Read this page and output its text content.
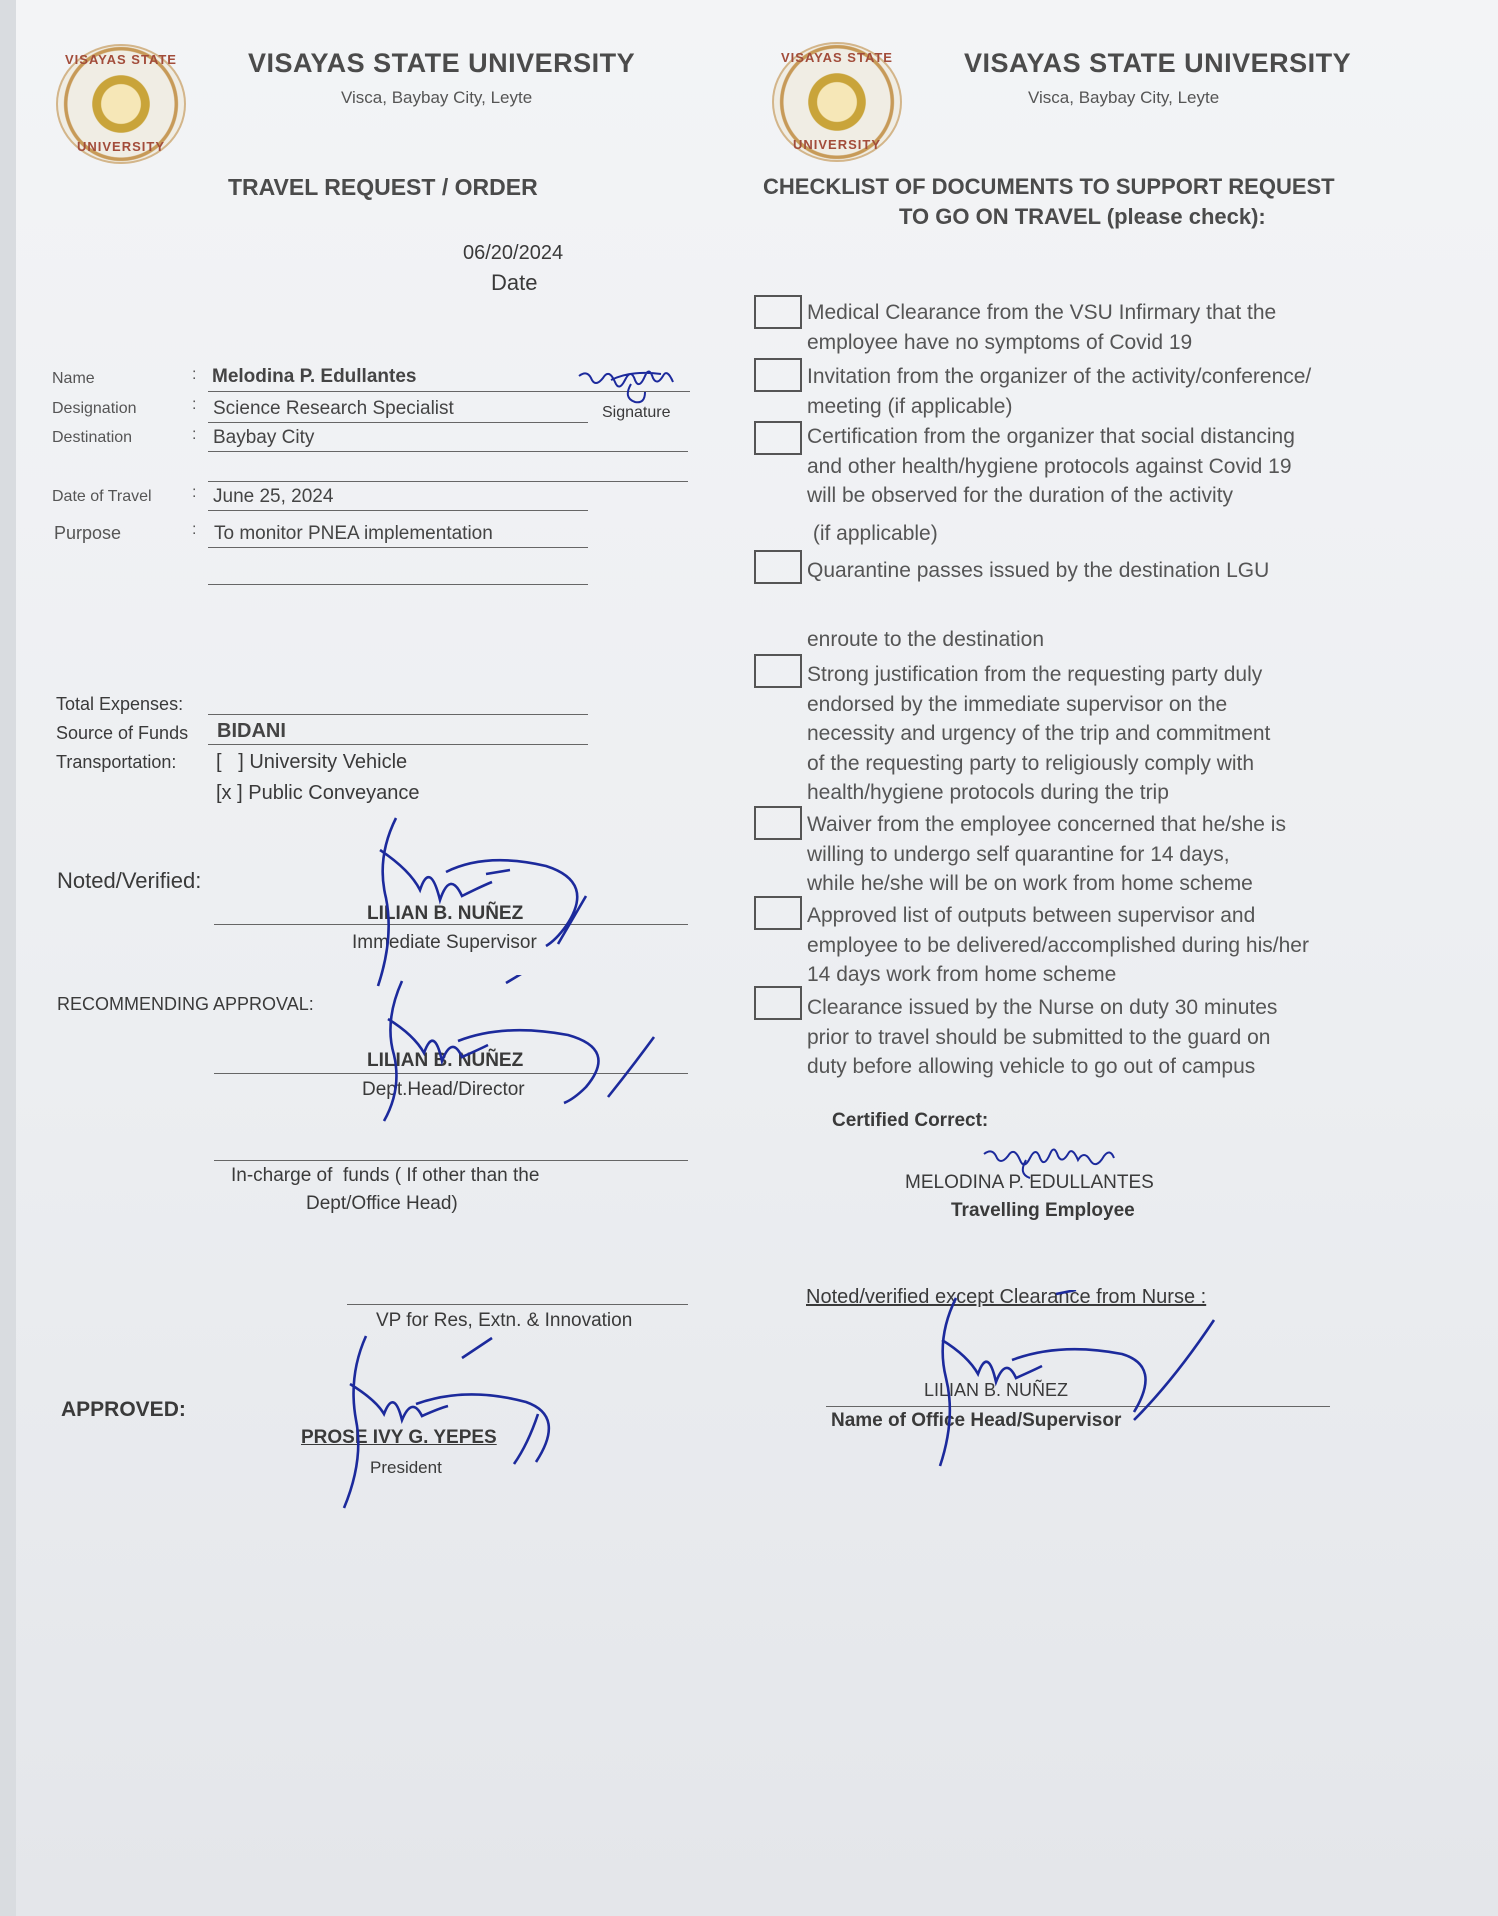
VISAYAS STATE
UNIVERSITY
VISAYAS STATE UNIVERSITY
Visca, Baybay City, Leyte
VISAYAS STATE
UNIVERSITY
VISAYAS STATE UNIVERSITY
Visca, Baybay City, Leyte
TRAVEL REQUEST / ORDER
06/20/2024
Date
Name	: Melodina P. Edullantes
Signature
Designation	: Science Research Specialist
Destination	: Baybay City
Date of Travel	: June 25, 2024
Purpose	: To monitor PNEA implementation
Total Expenses:
Source of Funds BIDANI
Transportation: [   ] University Vehicle
[x ] Public Conveyance
Noted/Verified:
LILIAN B. NUÑEZ
Immediate Supervisor
RECOMMENDING APPROVAL:
LILIAN B. NUÑEZ
Dept.Head/Director
In-charge of  funds ( If other than the
Dept/Office Head)
VP for Res, Extn. & Innovation
APPROVED:
PROSE IVY G. YEPES
President
CHECKLIST OF DOCUMENTS TO SUPPORT REQUEST
TO GO ON TRAVEL (please check):
Medical Clearance from the VSU Infirmary that the
employee have no symptoms of Covid 19
Invitation from the organizer of the activity/conference/
meeting (if applicable)
Certification from the organizer that social distancing
and other health/hygiene protocols against Covid 19
will be observed for the duration of the activity
(if applicable)
Quarantine passes issued by the destination LGU
enroute to the destination
Strong justification from the requesting party duly
endorsed by the immediate supervisor on the
necessity and urgency of the trip and commitment
of the requesting party to religiously comply with
health/hygiene protocols during the trip
Waiver from the employee concerned that he/she is
willing to undergo self quarantine for 14 days,
while he/she will be on work from home scheme
Approved list of outputs between supervisor and
employee to be delivered/accomplished during his/her
14 days work from home scheme
Clearance issued by the Nurse on duty 30 minutes
prior to travel should be submitted to the guard on
duty before allowing vehicle to go out of campus
Certified Correct:
MELODINA P. EDULLANTES
Travelling Employee
Noted/verified except Clearance from Nurse :
LILIAN B. NUÑEZ
Name of Office Head/Supervisor
